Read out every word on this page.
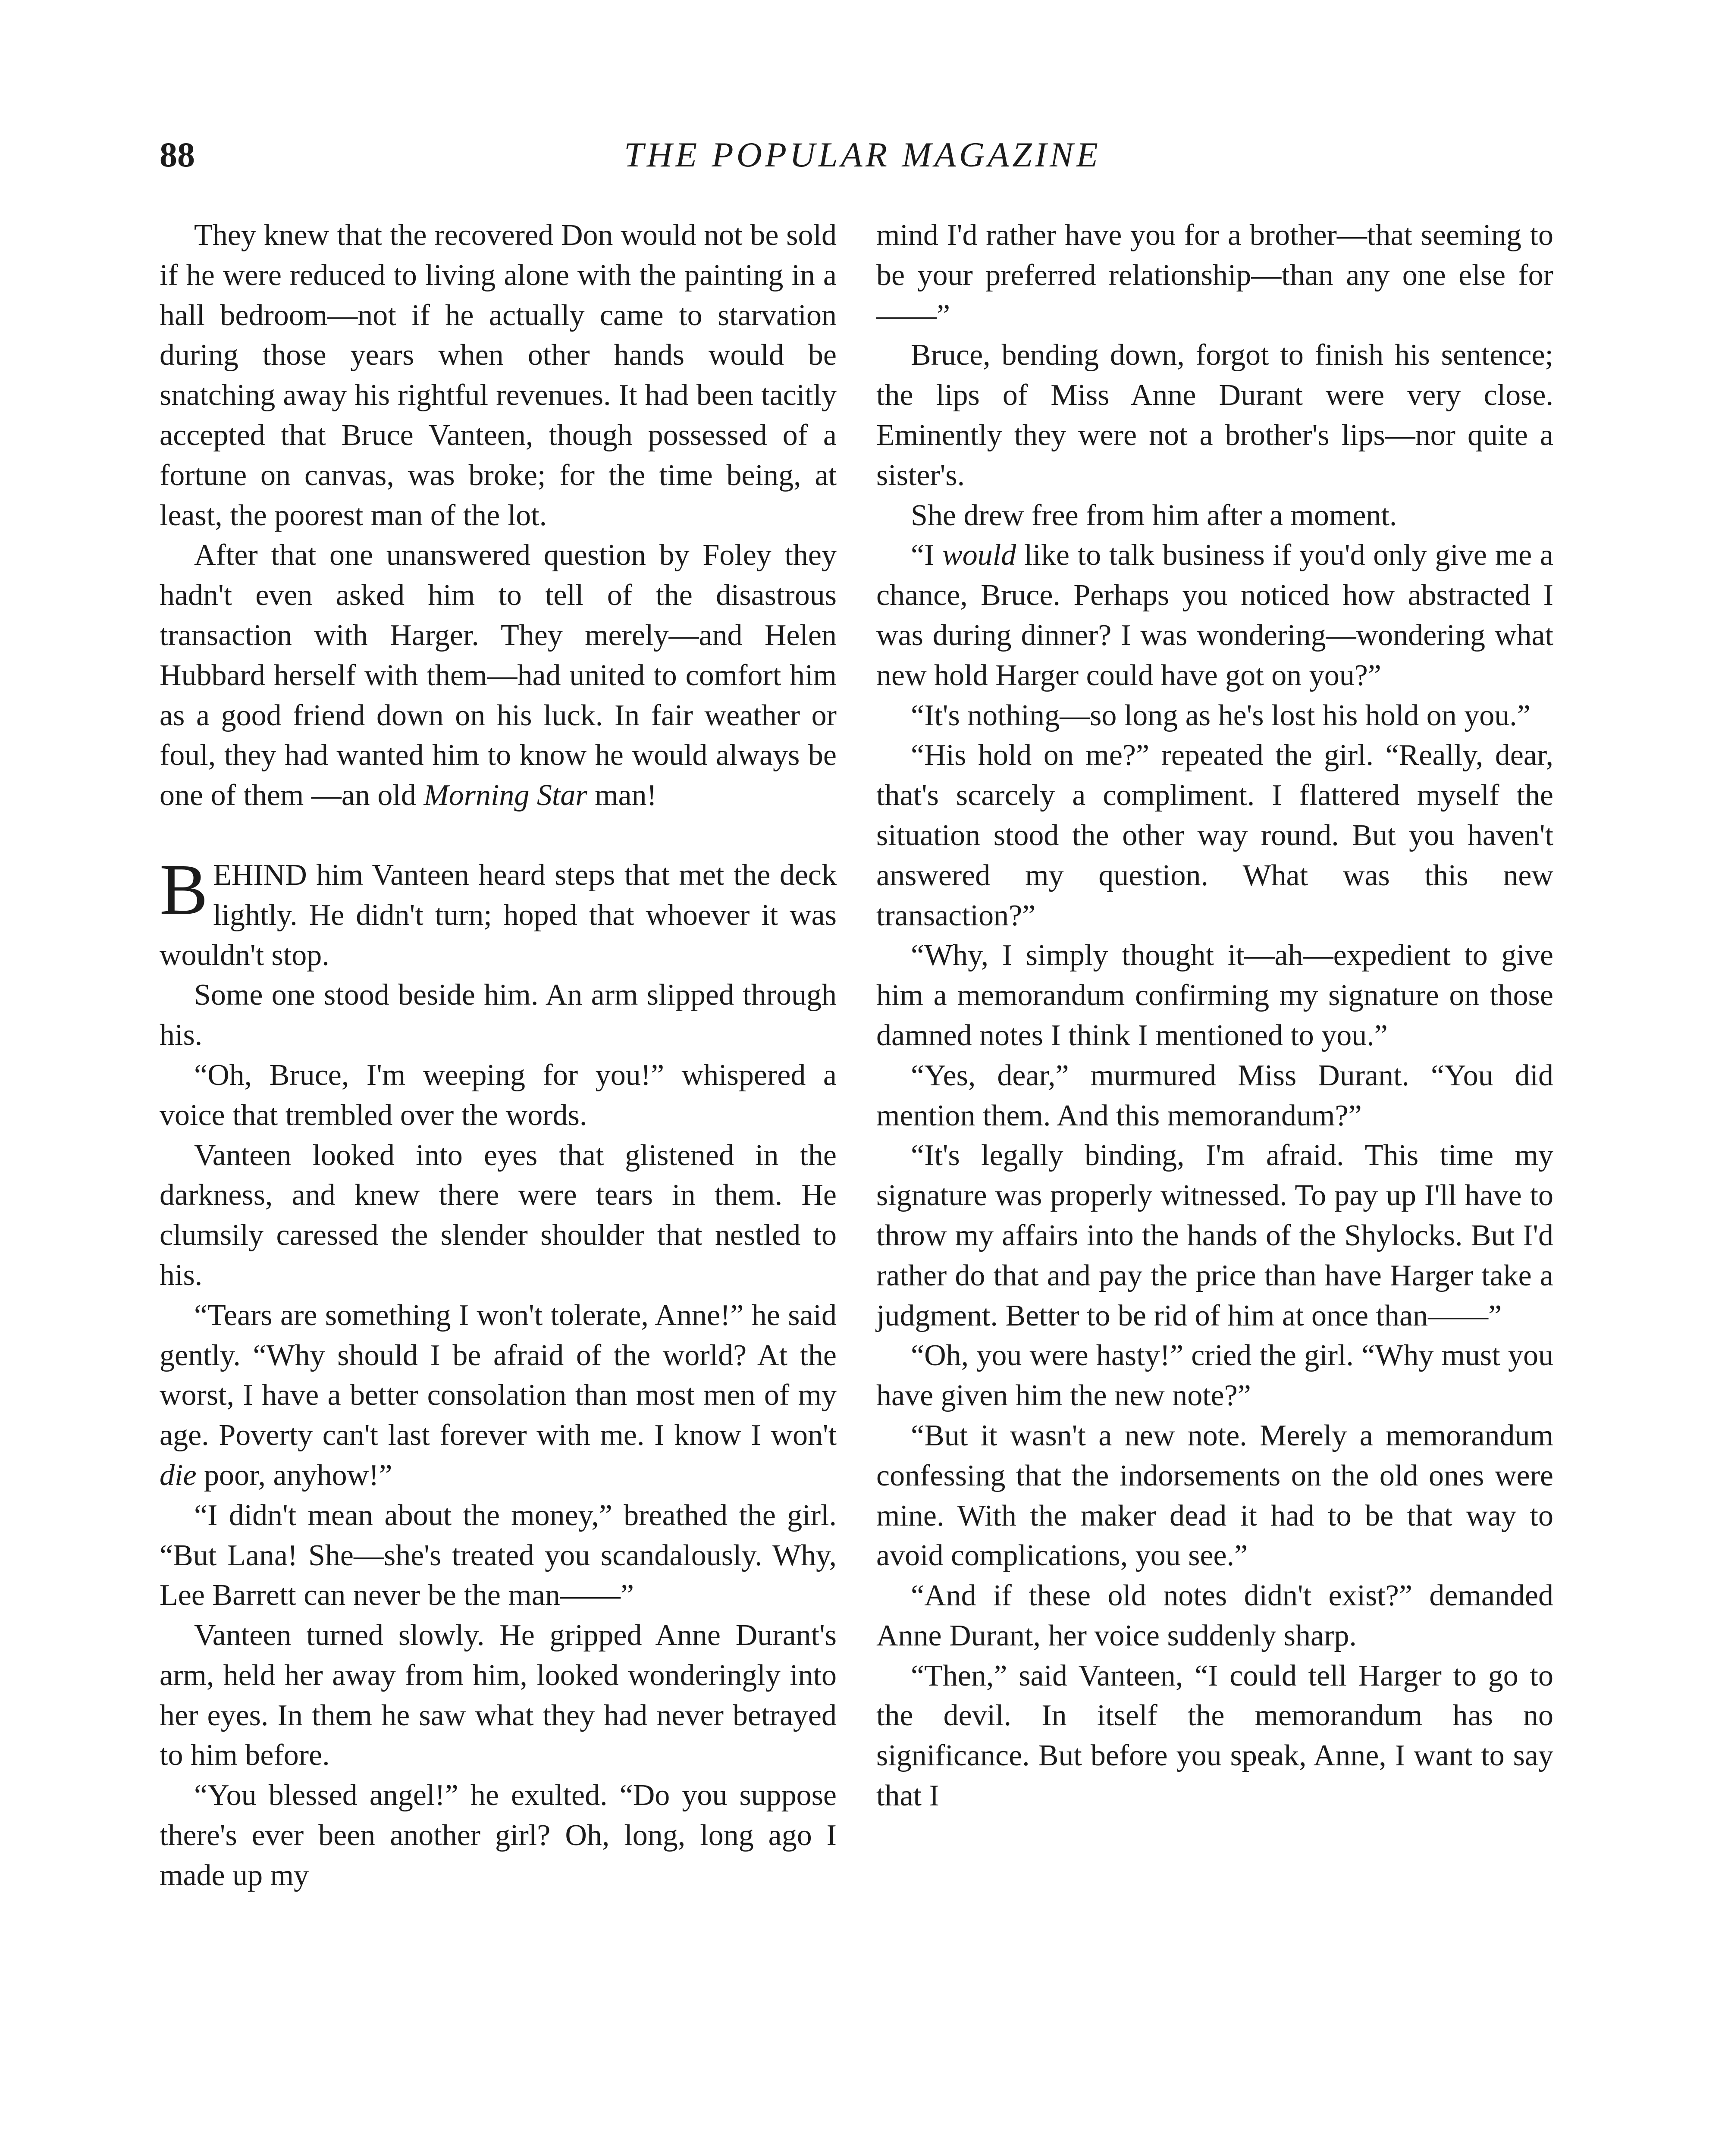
88	THE POPULAR MAGAZINE

They knew that the recovered Don would not be sold if he were reduced to living alone with the painting in a hall bedroom—not if he actually came to starvation during those years when other hands would be snatching away his rightful revenues. It had been tacitly accepted that Bruce Vanteen, though possessed of a fortune on canvas, was broke; for the time being, at least, the poorest man of the lot.

After that one unanswered question by Foley they hadn't even asked him to tell of the disastrous transaction with Harger. They merely—and Helen Hubbard herself with them—had united to comfort him as a good friend down on his luck. In fair weather or foul, they had wanted him to know he would always be one of them —an old Morning Star man!

BEHIND him Vanteen heard steps that met the deck lightly. He didn't turn; hoped that whoever it was wouldn't stop.

Some one stood beside him. An arm slipped through his.

“Oh, Bruce, I'm weeping for you!” whispered a voice that trembled over the words.

Vanteen looked into eyes that glistened in the darkness, and knew there were tears in them. He clumsily caressed the slender shoulder that nestled to his.

“Tears are something I won't tolerate, Anne!” he said gently. “Why should I be afraid of the world? At the worst, I have a better consolation than most men of my age. Poverty can't last forever with me. I know I won't die poor, anyhow!”

“I didn't mean about the money,” breathed the girl. “But Lana! She—she's treated you scandalously. Why, Lee Barrett can never be the man——”

Vanteen turned slowly. He gripped Anne Durant's arm, held her away from him, looked wonderingly into her eyes. In them he saw what they had never betrayed to him before.

“You blessed angel!” he exulted. “Do you suppose there's ever been another girl? Oh, long, long ago I made up my

mind I'd rather have you for a brother—that seeming to be your preferred relationship—than any one else for——”

Bruce, bending down, forgot to finish his sentence; the lips of Miss Anne Durant were very close. Eminently they were not a brother's lips—nor quite a sister's.

She drew free from him after a moment.

“I would like to talk business if you'd only give me a chance, Bruce. Perhaps you noticed how abstracted I was during dinner? I was wondering—wondering what new hold Harger could have got on you?”

“It's nothing—so long as he's lost his hold on you.”

“His hold on me?” repeated the girl. “Really, dear, that's scarcely a compliment. I flattered myself the situation stood the other way round. But you haven't answered my question. What was this new transaction?”

“Why, I simply thought it—ah—expedient to give him a memorandum confirming my signature on those damned notes I think I mentioned to you.”

“Yes, dear,” murmured Miss Durant. “You did mention them. And this memorandum?”

“It's legally binding, I'm afraid. This time my signature was properly witnessed. To pay up I'll have to throw my affairs into the hands of the Shylocks. But I'd rather do that and pay the price than have Harger take a judgment. Better to be rid of him at once than——”

“Oh, you were hasty!” cried the girl. “Why must you have given him the new note?”

“But it wasn't a new note. Merely a memorandum confessing that the indorsements on the old ones were mine. With the maker dead it had to be that way to avoid complications, you see.”

“And if these old notes didn't exist?” demanded Anne Durant, her voice suddenly sharp.

“Then,” said Vanteen, “I could tell Harger to go to the devil. In itself the memorandum has no significance. But before you speak, Anne, I want to say that I
